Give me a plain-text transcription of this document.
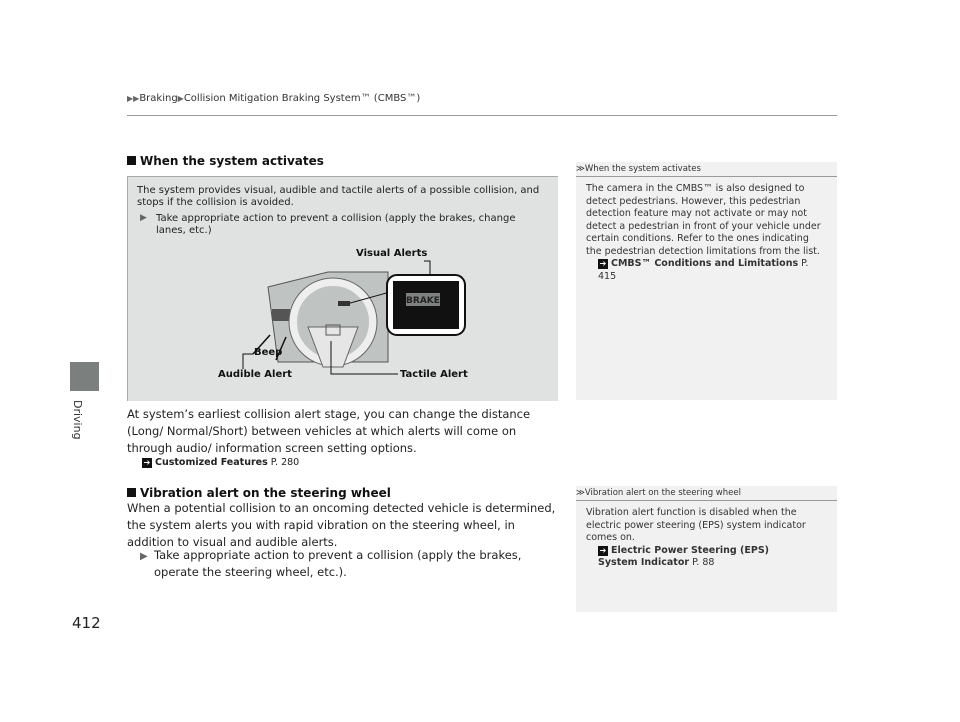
▶▶Braking▶Collision Mitigation Braking System™ (CMBS™)
Driving
412
When the system activates

The system provides visual, audible and tactile alerts of a possible collision, and stops if the collision is avoided.

▶ Take appropriate action to prevent a collision (apply the brakes, change lanes, etc.)

BRAKE
Visual Alerts
Beep
Audible Alert	Tactile Alert
At system’s earliest collision alert stage, you can change the distance (Long/ Normal/Short) between vehicles at which alerts will come on through audio/ information screen setting options.
➔ Customized Features P. 280
Vibration alert on the steering wheel
When a potential collision to an oncoming detected vehicle is determined, the system alerts you with rapid vibration on the steering wheel, in addition to visual and audible alerts.
▶ Take appropriate action to prevent a collision (apply the brakes, operate the steering wheel, etc.).
≫When the system activates
The camera in the CMBS™ is also designed to detect pedestrians. However, this pedestrian detection feature may not activate or may not detect a pedestrian in front of your vehicle under certain conditions. Refer to the ones indicating the pedestrian detection limitations from the list.
➔ CMBS™ Conditions and Limitations P. 415
≫Vibration alert on the steering wheel
Vibration alert function is disabled when the electric power steering (EPS) system indicator comes on.
➔ Electric Power Steering (EPS) System Indicator P. 88
